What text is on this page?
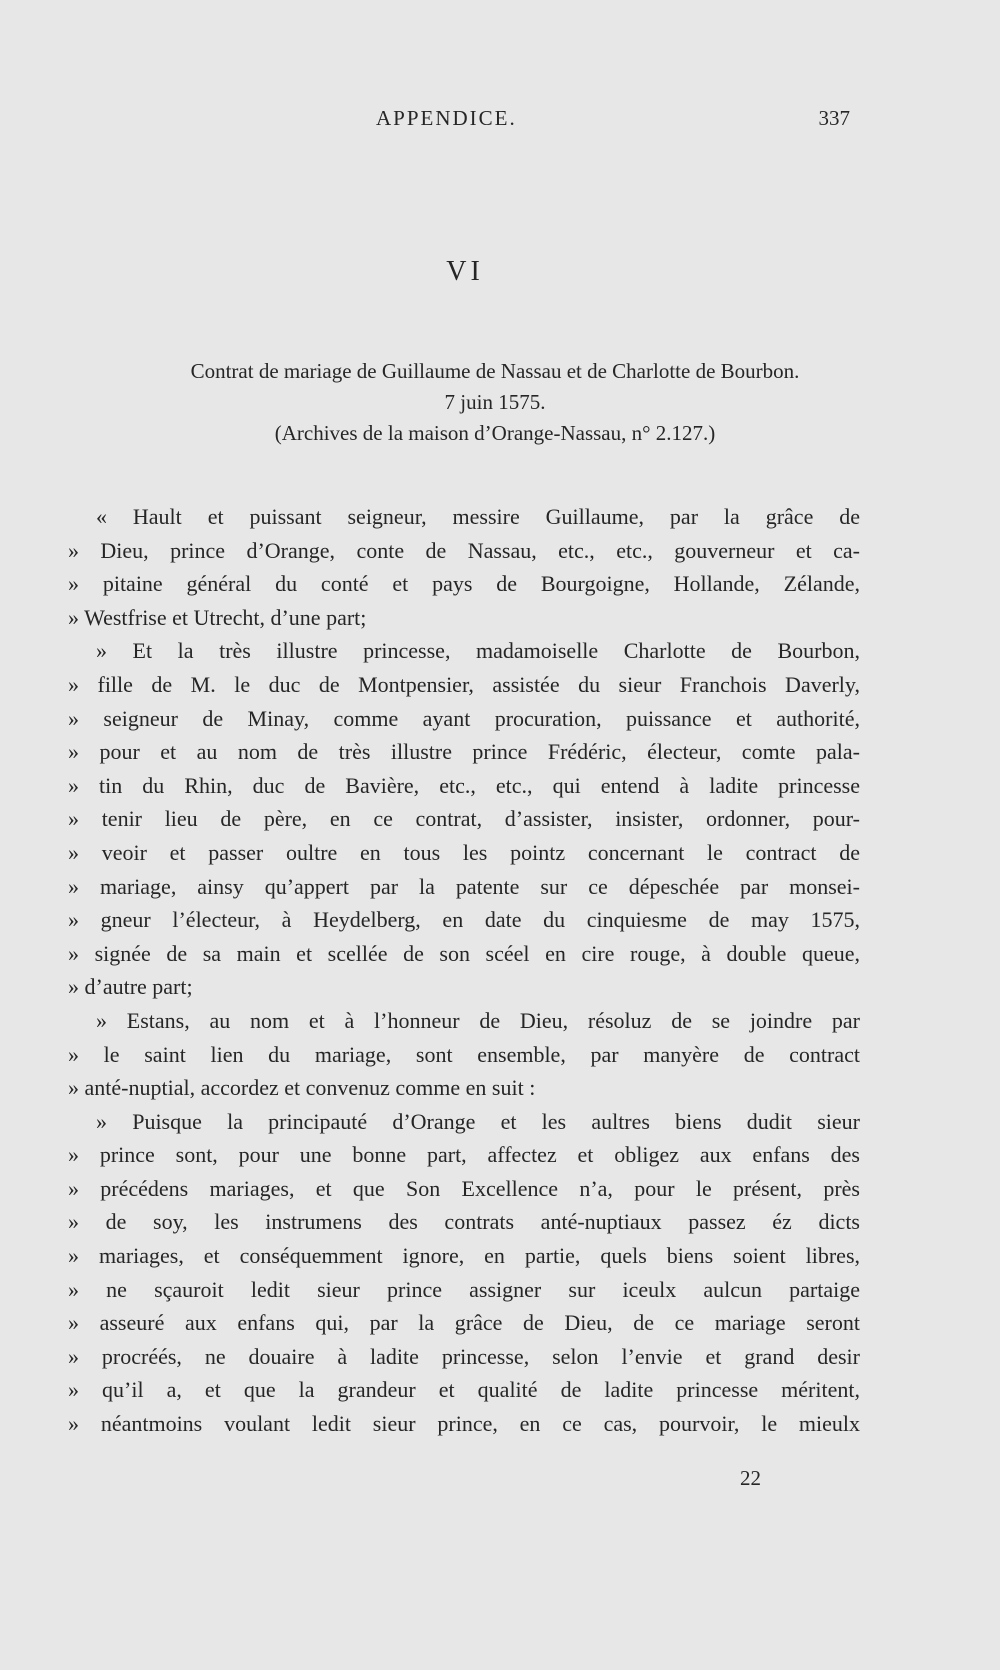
APPENDICE.	337
VI
Contrat de mariage de Guillaume de Nassau et de Charlotte de Bourbon.
7 juin 1575.
(Archives de la maison d’Orange-Nassau, n° 2.127.)
« Hault et puissant seigneur, messire Guillaume, par la grâce de
» Dieu, prince d’Orange, conte de Nassau, etc., etc., gouverneur et ca-
» pitaine général du conté et pays de Bourgoigne, Hollande, Zélande,
» Westfrise et Utrecht, d’une part;
» Et la très illustre princesse, madamoiselle Charlotte de Bourbon,
» fille de M. le duc de Montpensier, assistée du sieur Franchois Daverly,
» seigneur de Minay, comme ayant procuration, puissance et authorité,
» pour et au nom de très illustre prince Frédéric, électeur, comte pala-
» tin du Rhin, duc de Bavière, etc., etc., qui entend à ladite princesse
» tenir lieu de père, en ce contrat, d’assister, insister, ordonner, pour-
» veoir et passer oultre en tous les pointz concernant le contract de
» mariage, ainsy qu’appert par la patente sur ce dépeschée par monsei-
» gneur l’électeur, à Heydelberg, en date du cinquiesme de may 1575,
» signée de sa main et scellée de son scéel en cire rouge, à double queue,
» d’autre part;
» Estans, au nom et à l’honneur de Dieu, résoluz de se joindre par
» le saint lien du mariage, sont ensemble, par manyère de contract
» anté-nuptial, accordez et convenuz comme en suit :
» Puisque la principauté d’Orange et les aultres biens dudit sieur
» prince sont, pour une bonne part, affectez et obligez aux enfans des
» précédens mariages, et que Son Excellence n’a, pour le présent, près
» de soy, les instrumens des contrats anté-nuptiaux passez éz dicts
» mariages, et conséquemment ignore, en partie, quels biens soient libres,
» ne sçauroit ledit sieur prince assigner sur iceulx aulcun partaige
» asseuré aux enfans qui, par la grâce de Dieu, de ce mariage seront
» procréés, ne douaire à ladite princesse, selon l’envie et grand desir
» qu’il a, et que la grandeur et qualité de ladite princesse méritent,
» néantmoins voulant ledit sieur prince, en ce cas, pourvoir, le mieulx
22
